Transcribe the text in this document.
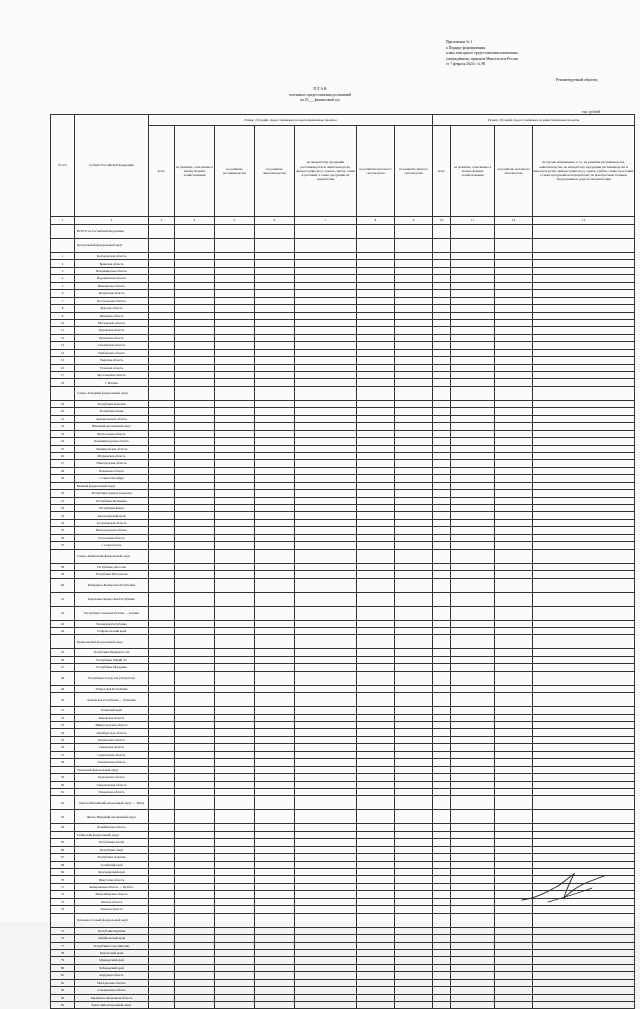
Приложение № 1
к Порядку формирования
плана ежегодного предоставления пенсионных,
утверждённому приказом Минсельхоза России
от 7 февраля 2024 г. № 80
Рекомендуемый образец
П Л А Н
поэтапного предоставления достижений
на 20___ финансовый год
тыс. рублей
№ п/п	Субъект Российской Федерации	Размер субсидий, предоставляемых на кратковременные проекты							Размер субсидий, предоставляемых на инвестиционные проекты			
		всего	на развитие, отнесенных к малым формам хозяйствования	на развитие растениеводства	на развитие животноводства	на переработку продукции растениеводства и животноводства, дикорастущих ягод, орехов, грибов, семян и растений, а также продукции их переработки	на развитие молочного скотоводства	на развитие мясного скотоводства	всего	на развитие, отнесенных к малым формам хозяйствования	на развитие молочного скотоводства	на прочие направления, в т.ч. на развитие растениеводства, животноводства, на переработку продукции растениеводства и животноводства, дикорастущих ягод, орехов, грибов, семян и растений, а также продукции их переработки; на приобретение техники, оборудования и средств автоматизации
1	2	3	4	5	6	7	8	9	10	11	12	13
	ВСЕГО по Российской Федерации											
	Центральный федеральный округ											
1	Белгородская область											
2	Брянская область											
3	Владимирская область											
4	Воронежская область											
5	Ивановская область											
6	Калужская область											
7	Костромская область											
8	Курская область											
9	Липецкая область											
10	Московская область											
11	Орловская область											
12	Рязанская область											
13	Смоленская область											
14	Тамбовская область											
15	Тверская область											
16	Тульская область											
17	Ярославская область											
18	г. Москва											
	Северо-Западный федеральный округ											
19	Республика Карелия											
20	Республика Коми											
21	Архангельская область											
22	Ненецкий автономный округ											
23	Вологодская область											
24	Калининградская область											
25	Ленинградская область											
26	Мурманская область											
27	Новгородская область											
28	Псковская область											
29	г. Санкт-Петербург											
	Южный федеральный округ											
30	Республика Адыгея (Адыгея)											
31	Республика Калмыкия											
32	Республика Крым											
33	Краснодарский край											
34	Астраханская область											
35	Волгоградская область											
36	Ростовская область											
37	г. Севастополь											
	Северо-Кавказский федеральный округ											
38	Республика Дагестан											
39	Республика Ингушетия											
40	Кабардино-Балкарская Республика											
41	Карачаево-Черкесская Республика											
42	Республика Северная Осетия — Алания											
43	Чеченская Республика											
44	Ставропольский край											
	Приволжский федеральный округ											
45	Республика Башкортостан											
46	Республика Марий Эл											
47	Республика Мордовия											
48	Республика Татарстан (Татарстан)											
49	Удмуртская Республика											
50	Чувашская Республика — Чувашия											
51	Пермский край											
52	Кировская область											
53	Нижегородская область											
54	Оренбургская область											
55	Пензенская область											
56	Самарская область											
57	Саратовская область											
58	Ульяновская область											
	Уральский федеральный округ											
59	Курганская область											
60	Свердловская область											
61	Тюменская область											
62	Ханты-Мансийский автономный округ — Югра											
63	Ямало-Ненецкий автономный округ											
64	Челябинская область											
	Сибирский федеральный округ											
65	Республика Алтай											
66	Республика Тыва											
67	Республика Хакасия											
68	Алтайский край											
69	Красноярский край											
70	Иркутская область											
71	Кемеровская область — Кузбасс											
72	Новосибирская область											
73	Омская область											
74	Томская область											
	Дальневосточный федеральный округ											
75	Республика Бурятия											
76	Забайкальский край											
77	Республика Саха (Якутия)											
78	Камчатский край											
79	Приморский край											
80	Хабаровский край											
81	Амурская область											
82	Магаданская область											
83	Сахалинская область											
84	Еврейская автономная область											
85	Чукотский автономный округ											
